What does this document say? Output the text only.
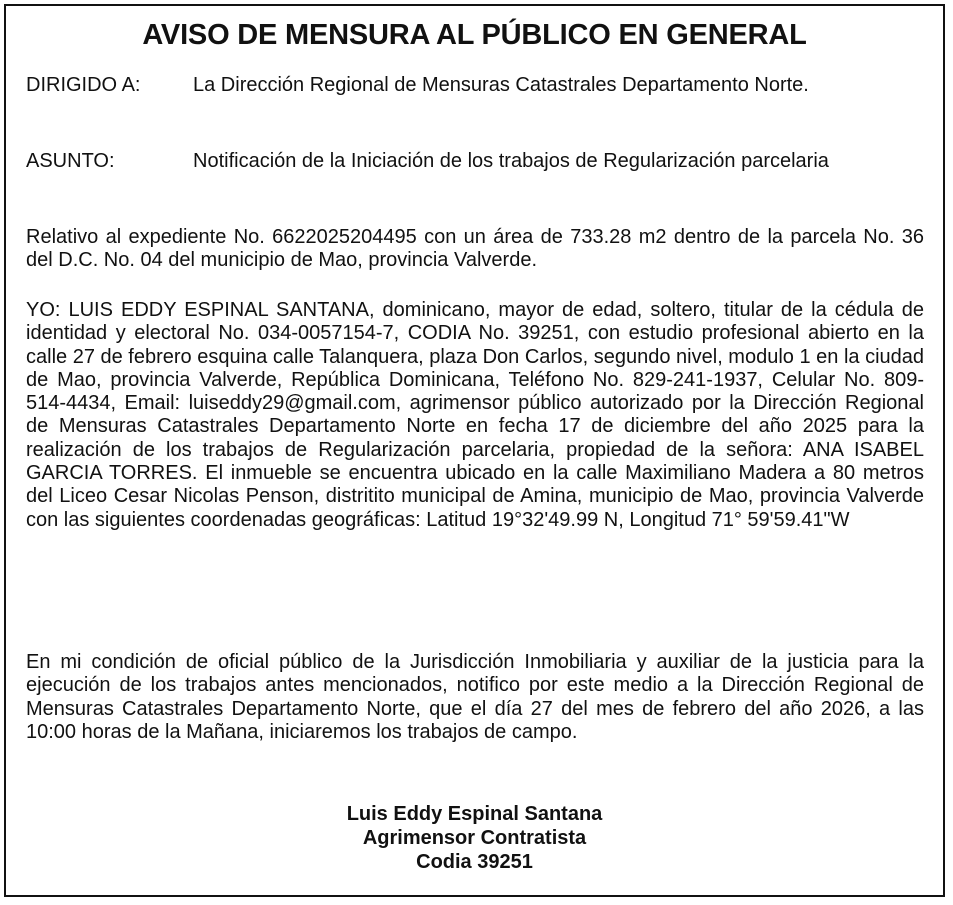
AVISO DE MENSURA AL PÚBLICO EN GENERAL
DIRIGIDO A:	La Dirección Regional de Mensuras Catastrales Departamento Norte.
ASUNTO:	Notificación de la Iniciación de los trabajos de Regularización parcelaria
Relativo al expediente No. 6622025204495 con un área de 733.28 m2 dentro de la parcela No. 36 del D.C. No. 04 del municipio de Mao, provincia Valverde.
YO: LUIS EDDY ESPINAL SANTANA, dominicano, mayor de edad, soltero, titular de la cédula de identidad y electoral No. 034-0057154-7, CODIA No. 39251, con estudio profesional abierto en la calle 27 de febrero esquina calle Talanquera, plaza Don Carlos, segundo nivel, modulo 1 en la ciudad de Mao, provincia Valverde, República Dominicana, Teléfono No. 829-241-1937, Celular No. 809-514-4434, Email: luiseddy29@gmail.com, agrimensor público autorizado por la Dirección Regional de Mensuras Catastrales Departamento Norte en fecha 17 de diciembre del año 2025 para la realización de los trabajos de Regularización parcelaria, propiedad de la señora: ANA ISABEL GARCIA TORRES. El inmueble se encuentra ubicado en la calle Maximiliano Madera a 80 metros del Liceo Cesar Nicolas Penson, distritito municipal de Amina, municipio de Mao, provincia Valverde con las siguientes coordenadas geográficas: Latitud 19°32'49.99 N, Longitud 71° 59'59.41"W
En mi condición de oficial público de la Jurisdicción Inmobiliaria y auxiliar de la justicia para la ejecución de los trabajos antes mencionados, notifico por este medio a la Dirección Regional de Mensuras Catastrales Departamento Norte, que el día 27 del mes de febrero del año 2026, a las 10:00 horas de la Mañana, iniciaremos los trabajos de campo.
Luis Eddy Espinal Santana
Agrimensor Contratista
Codia 39251
